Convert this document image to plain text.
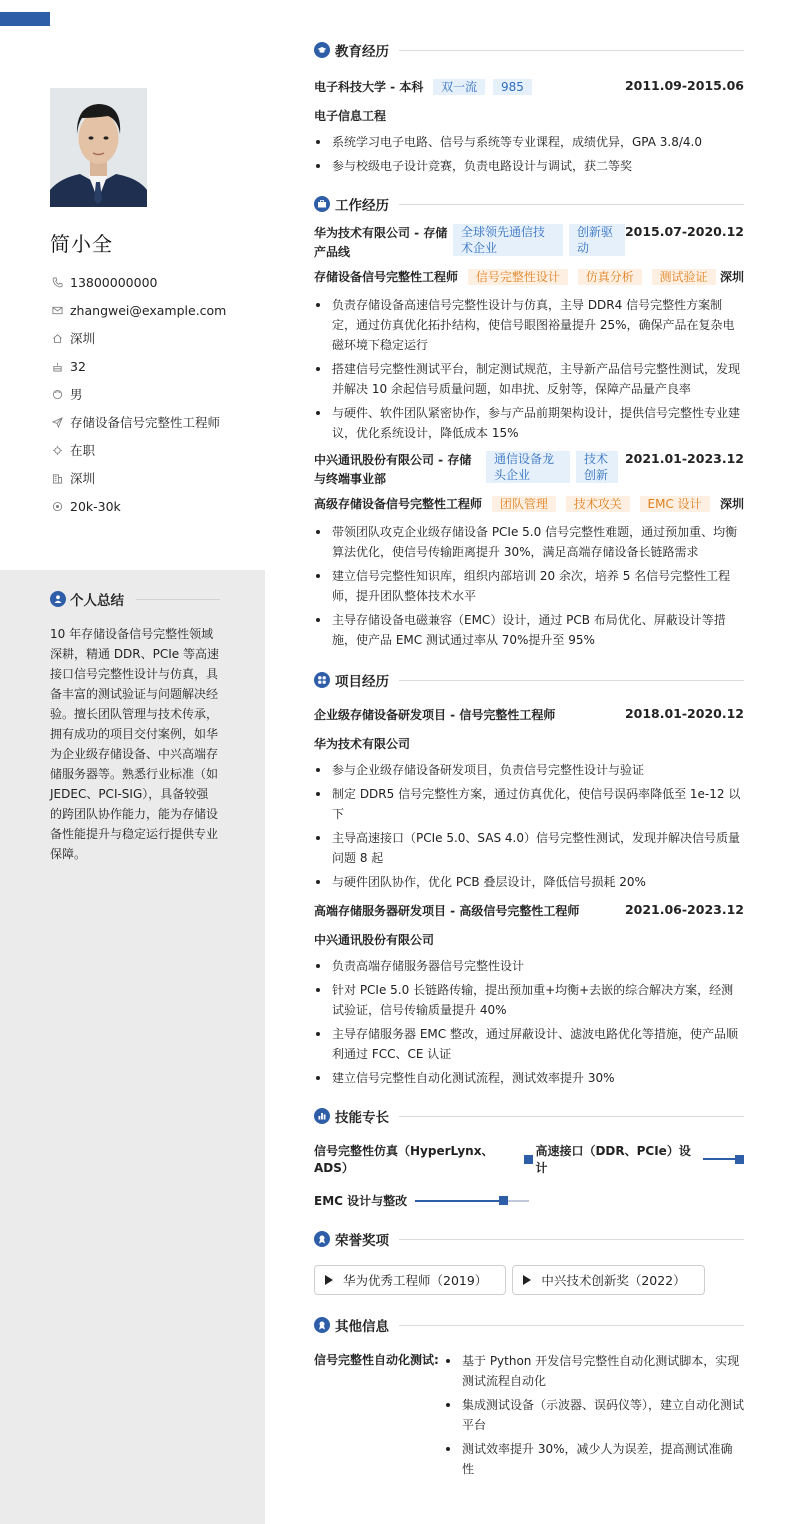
简小全
13800000000
zhangwei@example.com
深圳
32
男
存储设备信号完整性工程师
在职
深圳
20k-30k
个人总结
10 年存储设备信号完整性领域深耕，精通 DDR、PCIe 等高速接口信号完整性设计与仿真，具备丰富的测试验证与问题解决经验。擅长团队管理与技术传承，拥有成功的项目交付案例，如华为企业级存储设备、中兴高端存储服务器等。熟悉行业标准（如 JEDEC、PCI-SIG），具备较强的跨团队协作能力，能为存储设备性能提升与稳定运行提供专业保障。
教育经历
电子科技大学 - 本科 双一流 985	2011.09-2015.06
电子信息工程
系统学习电子电路、信号与系统等专业课程，成绩优异，GPA 3.8/4.0
参与校级电子设计竞赛，负责电路设计与调试，获二等奖
工作经历
华为技术有限公司 - 存储产品线
全球领先通信技术企业
创新驱动
2015.07-2020.12
存储设备信号完整性工程师 信号完整性设计 仿真分析 测试验证	深圳
负责存储设备高速信号完整性设计与仿真，主导 DDR4 信号完整性方案制定，通过仿真优化拓扑结构，使信号眼图裕量提升 25%，确保产品在复杂电磁环境下稳定运行
搭建信号完整性测试平台，制定测试规范，主导新产品信号完整性测试，发现并解决 10 余起信号质量问题，如串扰、反射等，保障产品量产良率
与硬件、软件团队紧密协作，参与产品前期架构设计，提供信号完整性专业建议，优化系统设计，降低成本 15%
中兴通讯股份有限公司 - 存储与终端事业部
通信设备龙头企业
技术创新
2021.01-2023.12
高级存储设备信号完整性工程师 团队管理 技术攻关 EMC 设计	深圳
带领团队攻克企业级存储设备 PCIe 5.0 信号完整性难题，通过预加重、均衡算法优化，使信号传输距离提升 30%，满足高端存储设备长链路需求
建立信号完整性知识库，组织内部培训 20 余次，培养 5 名信号完整性工程师，提升团队整体技术水平
主导存储设备电磁兼容（EMC）设计，通过 PCB 布局优化、屏蔽设计等措施，使产品 EMC 测试通过率从 70%提升至 95%
项目经历
企业级存储设备研发项目 - 信号完整性工程师	2018.01-2020.12
华为技术有限公司
参与企业级存储设备研发项目，负责信号完整性设计与验证
制定 DDR5 信号完整性方案，通过仿真优化，使信号误码率降低至 1e-12 以下
主导高速接口（PCIe 5.0、SAS 4.0）信号完整性测试，发现并解决信号质量问题 8 起
与硬件团队协作，优化 PCB 叠层设计，降低信号损耗 20%
高端存储服务器研发项目 - 高级信号完整性工程师	2021.06-2023.12
中兴通讯股份有限公司
负责高端存储服务器信号完整性设计
针对 PCIe 5.0 长链路传输，提出预加重+均衡+去嵌的综合解决方案，经测试验证，信号传输质量提升 40%
主导存储服务器 EMC 整改，通过屏蔽设计、滤波电路优化等措施，使产品顺利通过 FCC、CE 认证
建立信号完整性自动化测试流程，测试效率提升 30%
技能专长
信号完整性仿真（HyperLynx、ADS）
高速接口（DDR、PCIe）设计
EMC 设计与整改
荣誉奖项
华为优秀工程师（2019）	中兴技术创新奖（2022）
其他信息
信号完整性自动化测试:	基于 Python 开发信号完整性自动化测试脚本，实现测试流程自动化
集成测试设备（示波器、误码仪等），建立自动化测试平台
测试效率提升 30%，减少人为误差，提高测试准确性
